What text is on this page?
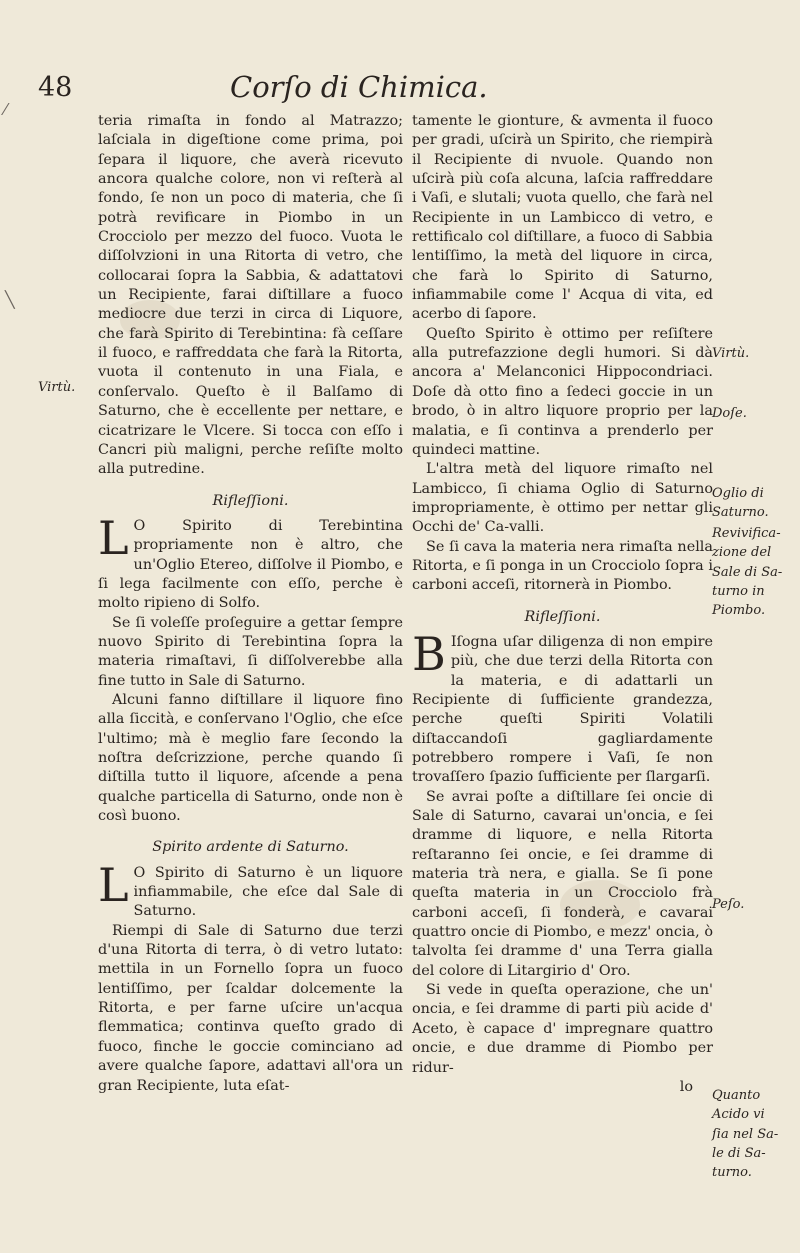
⁄
╲
48	Corſo di Chimica.
Virtù.
Virtù.
Doſe.
Oglio di Saturno.
Revivifica-zione del Sale di Sa-turno in Piombo.
Peſo.
Quanto Acido vi ſia nel Sa-le di Sa-turno.

teria rimaſta in fondo al Matrazzo; laſciala in digeſtione come prima, poi ſepara il liquore, che averà ricevuto ancora qualche colore, non vi reſterà al fondo, ſe non un poco di materia, che ſi potrà revificare in Piombo in un Crocciolo per mezzo del fuoco. Vuota le diſſolvzioni in una Ritorta di vetro, che collocarai ſopra la Sabbia, & adattatovi un Recipiente, farai diſtillare a fuoco mediocre due terzi in circa di Liquore, che farà Spirito di Terebintina: fà ceſſare il fuoco, e raffreddata che farà la Ritorta, vuota il contenuto in una Fiala, e conſervalo. Queſto è il Balſamo di Saturno, che è eccellente per nettare, e cicatrizare le Vlcere. Si tocca con eſſo i Cancri più maligni, perche reſiſte molto alla putredine.

Rifleſſioni.

L O Spirito di Terebintina propriamente non è altro, che un'Oglio Etereo, diſſolve il Piombo, e ſi lega facilmente con eſſo, perche è molto ripieno di Solfo.

Se ſi voleſſe proſeguire a gettar ſempre nuovo Spirito di Terebintina ſopra la materia rimaſtavi, ſi diſſolverebbe alla fine tutto in Sale di Saturno.

Alcuni fanno diſtillare il liquore fino alla ſiccità, e conſervano l'Oglio, che eſce l'ultimo; mà è meglio fare ſecondo la noſtra deſcrizzione, perche quando ſi diſtilla tutto il liquore, aſcende a pena qualche particella di Saturno, onde non è così buono.

Spirito ardente di Saturno.

L O Spirito di Saturno è un liquore infiammabile, che eſce dal Sale di Saturno.

Riempi di Sale di Saturno due terzi d'una Ritorta di terra, ò di vetro lutato: mettila in un Fornello ſopra un fuoco lentiſſimo, per ſcaldar dolcemente la Ritorta, e per farne uſcire un'acqua flemmatica; continva queſto grado di fuoco, finche le goccie cominciano ad avere qualche ſapore, adattavi all'ora un gran Recipiente, luta eſat-

tamente le gionture, & avmenta il fuoco per gradi, uſcirà un Spirito, che riempirà il Recipiente di nvuole. Quando non uſcirà più coſa alcuna, laſcia raffreddare i Vaſi, e slutali; vuota quello, che farà nel Recipiente in un Lambicco di vetro, e rettificalo col diſtillare, a fuoco di Sabbia lentiſſimo, la metà del liquore in circa, che farà lo Spirito di Saturno, infiammabile come l' Acqua di vita, ed acerbo di ſapore.

Queſto Spirito è ottimo per reſiſtere alla putrefazzione degli humori. Si dà ancora a' Melanconici Hippocondriaci. Doſe dà otto fino a ſedeci goccie in un brodo, ò in altro liquore proprio per la malatia, e ſi continva a prenderlo per quindeci mattine.

L'altra metà del liquore rimaſto nel Lambicco, ſi chiama Oglio di Saturno impropriamente, è ottimo per nettar gli Occhi de' Ca-valli.

Se ſi cava la materia nera rimaſta nella Ritorta, e ſi ponga in un Crocciolo ſopra i carboni acceſi, ritornerà in Piombo.

Rifleſſioni.

B Iſogna uſar diligenza di non empire più, che due terzi della Ritorta con la materia, e di adattarli un Recipiente di ſufficiente grandezza, perche queſti Spiriti Volatili diſtaccandoſi gagliardamente potrebbero rompere i Vaſi, ſe non trovaſſero ſpazio ſufficiente per ſlargarſi.

Se avrai poſte a diſtillare ſei oncie di Sale di Saturno, cavarai un'oncia, e ſei dramme di liquore, e nella Ritorta reſtaranno ſei oncie, e ſei dramme di materia trà nera, e gialla. Se ſi pone queſta materia in un Crocciolo frà carboni acceſi, ſi fonderà, e cavarai quattro oncie di Piombo, e mezz' oncia, ò talvolta ſei dramme d' una Terra gialla del colore di Litargirio d' Oro.

Si vede in queſta operazione, che un' oncia, e ſei dramme di parti più acide d' Aceto, è capace d' impregnare quattro oncie, e due dramme di Piombo per ridur-

lo
